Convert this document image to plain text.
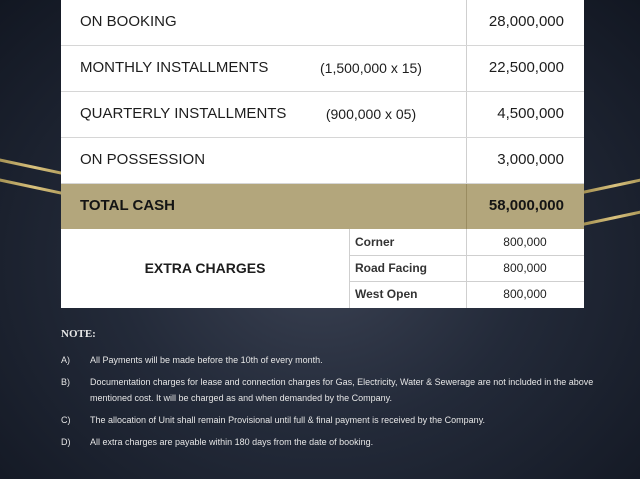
ON BOOKING	28,000,000
MONTHLY INSTALLMENTS	(1,500,000 x 15)	22,500,000
QUARTERLY INSTALLMENTS	(900,000 x 05)	4,500,000
ON POSSESSION	3,000,000
TOTAL CASH	58,000,000
EXTRA CHARGES
Corner	800,000
Road Facing	800,000
West Open	800,000
NOTE:
A) All Payments will be made before the 10th of every month.
B) Documentation charges for lease and connection charges for Gas, Electricity, Water & Sewerage are not included in the above mentioned cost. It will be charged as and when demanded by the Company.
C) The allocation of Unit shall remain Provisional until full & final payment is received by the Company.
D) All extra charges are payable within 180 days from the date of booking.
